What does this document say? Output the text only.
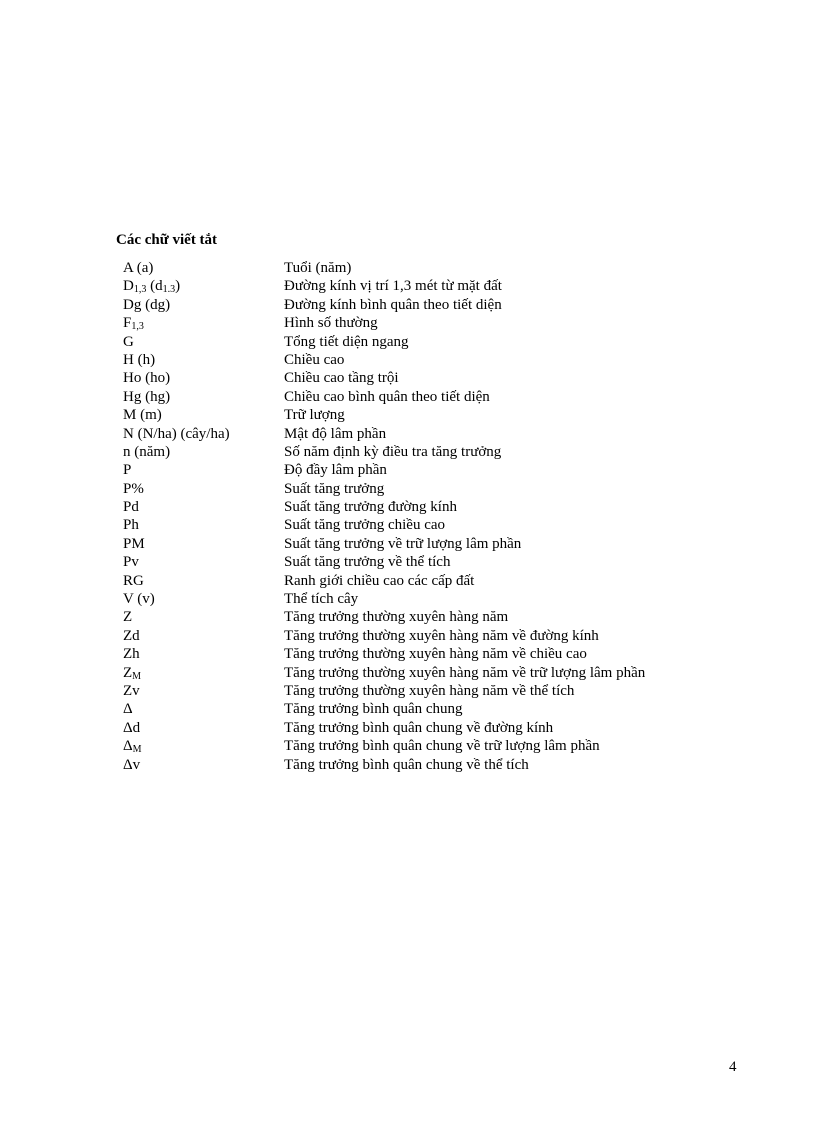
Các chữ viết tắt
A (a)	Tuổi (năm)
$D_{1,3}$ $(d_{1.3})$	Đường kính vị trí 1,3 mét từ mặt đất
Dg (dg)	Đường kính bình quân theo tiết diện
$F_{1,3}$	Hình số thường
G	Tổng tiết diện ngang
H (h)	Chiều cao
Ho (ho)	Chiều cao tầng trội
Hg (hg)	Chiều cao bình quân theo tiết diện
M (m)	Trữ lượng
N (N/ha) (cây/ha)	Mật độ lâm phần
n (năm)	Số năm định kỳ điều tra tăng trưởng
P	Độ đầy lâm phần
P%	Suất tăng trưởng
Pd	Suất tăng trưởng đường kính
Ph	Suất tăng trưởng chiều cao
PM	Suất tăng trưởng về trữ lượng lâm phần
Pv	Suất tăng trưởng về thể tích
RG	Ranh giới chiều cao các cấp đất
V (v)	Thể tích cây
Z	Tăng trưởng thường xuyên hàng năm
Zd	Tăng trưởng thường xuyên hàng năm về đường kính
Zh	Tăng trưởng thường xuyên hàng năm về chiều cao
$Z_M$	Tăng trưởng thường xuyên hàng năm về trữ lượng lâm phần
Zv	Tăng trưởng thường xuyên hàng năm về thể tích
Δ	Tăng trưởng bình quân chung
Δd	Tăng trưởng bình quân chung về đường kính
$\Delta_M$	Tăng trưởng bình quân chung về trữ lượng lâm phần
Δv	Tăng trưởng bình quân chung về thể tích
4
